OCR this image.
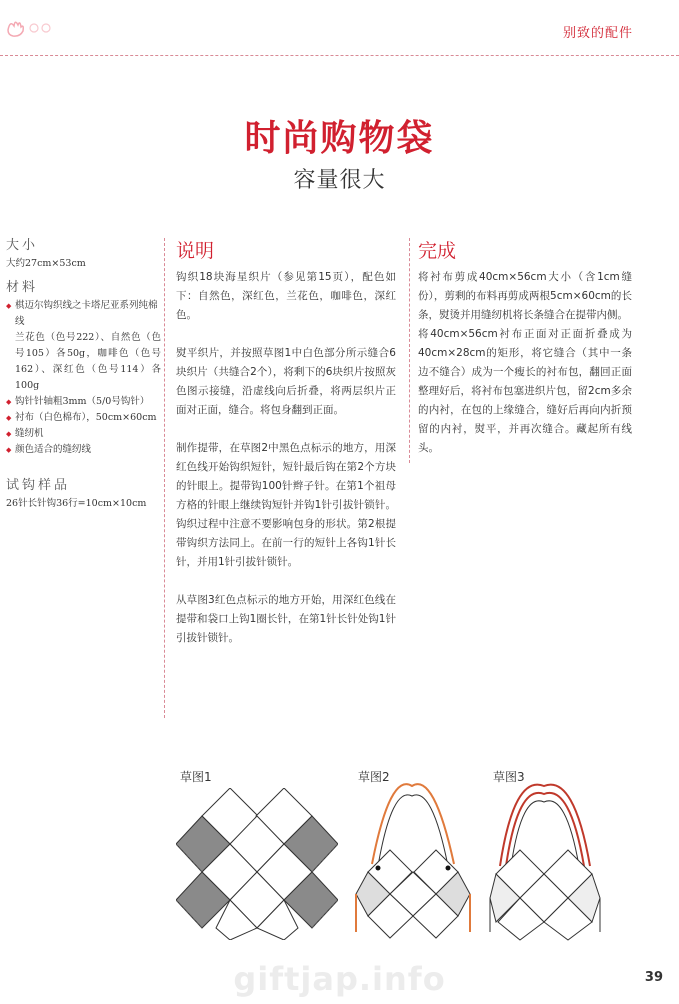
别致的配件
时尚购物袋
容量很大
大小
大约27cm×53cm
材料
◆ 棋迈尔钩织线之卡塔尼亚系列纯棉线
兰花色（色号222）、自然色（色号105）各50g，咖啡色（色号162）、深红色（色号114）各100g
◆ 钩针针轴粗3mm（5/0号钩针）
◆ 衬布（白色棉布），50cm×60cm
◆ 缝纫机
◆ 颜色适合的缝纫线
试钩样品
26针长针钩36行=10cm×10cm
说明

钩织18块海星织片（参见第15页），配色如下：自然色，深红色，兰花色，咖啡色，深红色。

熨平织片，并按照草图1中白色部分所示缝合6块织片（共缝合2个），将剩下的6块织片按照灰色图示接缝，沿虚线向后折叠，将两层织片正面对正面，缝合。将包身翻到正面。

制作提带，在草图2中黑色点标示的地方，用深红色线开始钩织短针，短针最后钩在第2个方块的针眼上。提带钩100针辫子针。在第1个祖母方格的针眼上继续钩短针并钩1针引拔针锁针。钩织过程中注意不要影响包身的形状。第2根提带钩织方法同上。在前一行的短针上各钩1针长针，并用1针引拔针锁针。

从草图3红色点标示的地方开始，用深红色线在提带和袋口上钩1圈长针，在第1针长针处钩1针引拔针锁针。

完成

将衬布剪成40cm×56cm大小（含1cm缝份），剪剩的布料再剪成两根5cm×60cm的长条，熨烫并用缝纫机将长条缝合在提带内侧。

将40cm×56cm衬布正面对正面折叠成为40cm×28cm的矩形，将它缝合（其中一条边不缝合）成为一个瘦长的衬布包，翻回正面整理好后，将衬布包塞进织片包，留2cm多余的内衬，在包的上缘缝合，缝好后再向内折预留的内衬，熨平，并再次缝合。藏起所有线头。

草图1	草图2	草图3
giftjap.info	39
